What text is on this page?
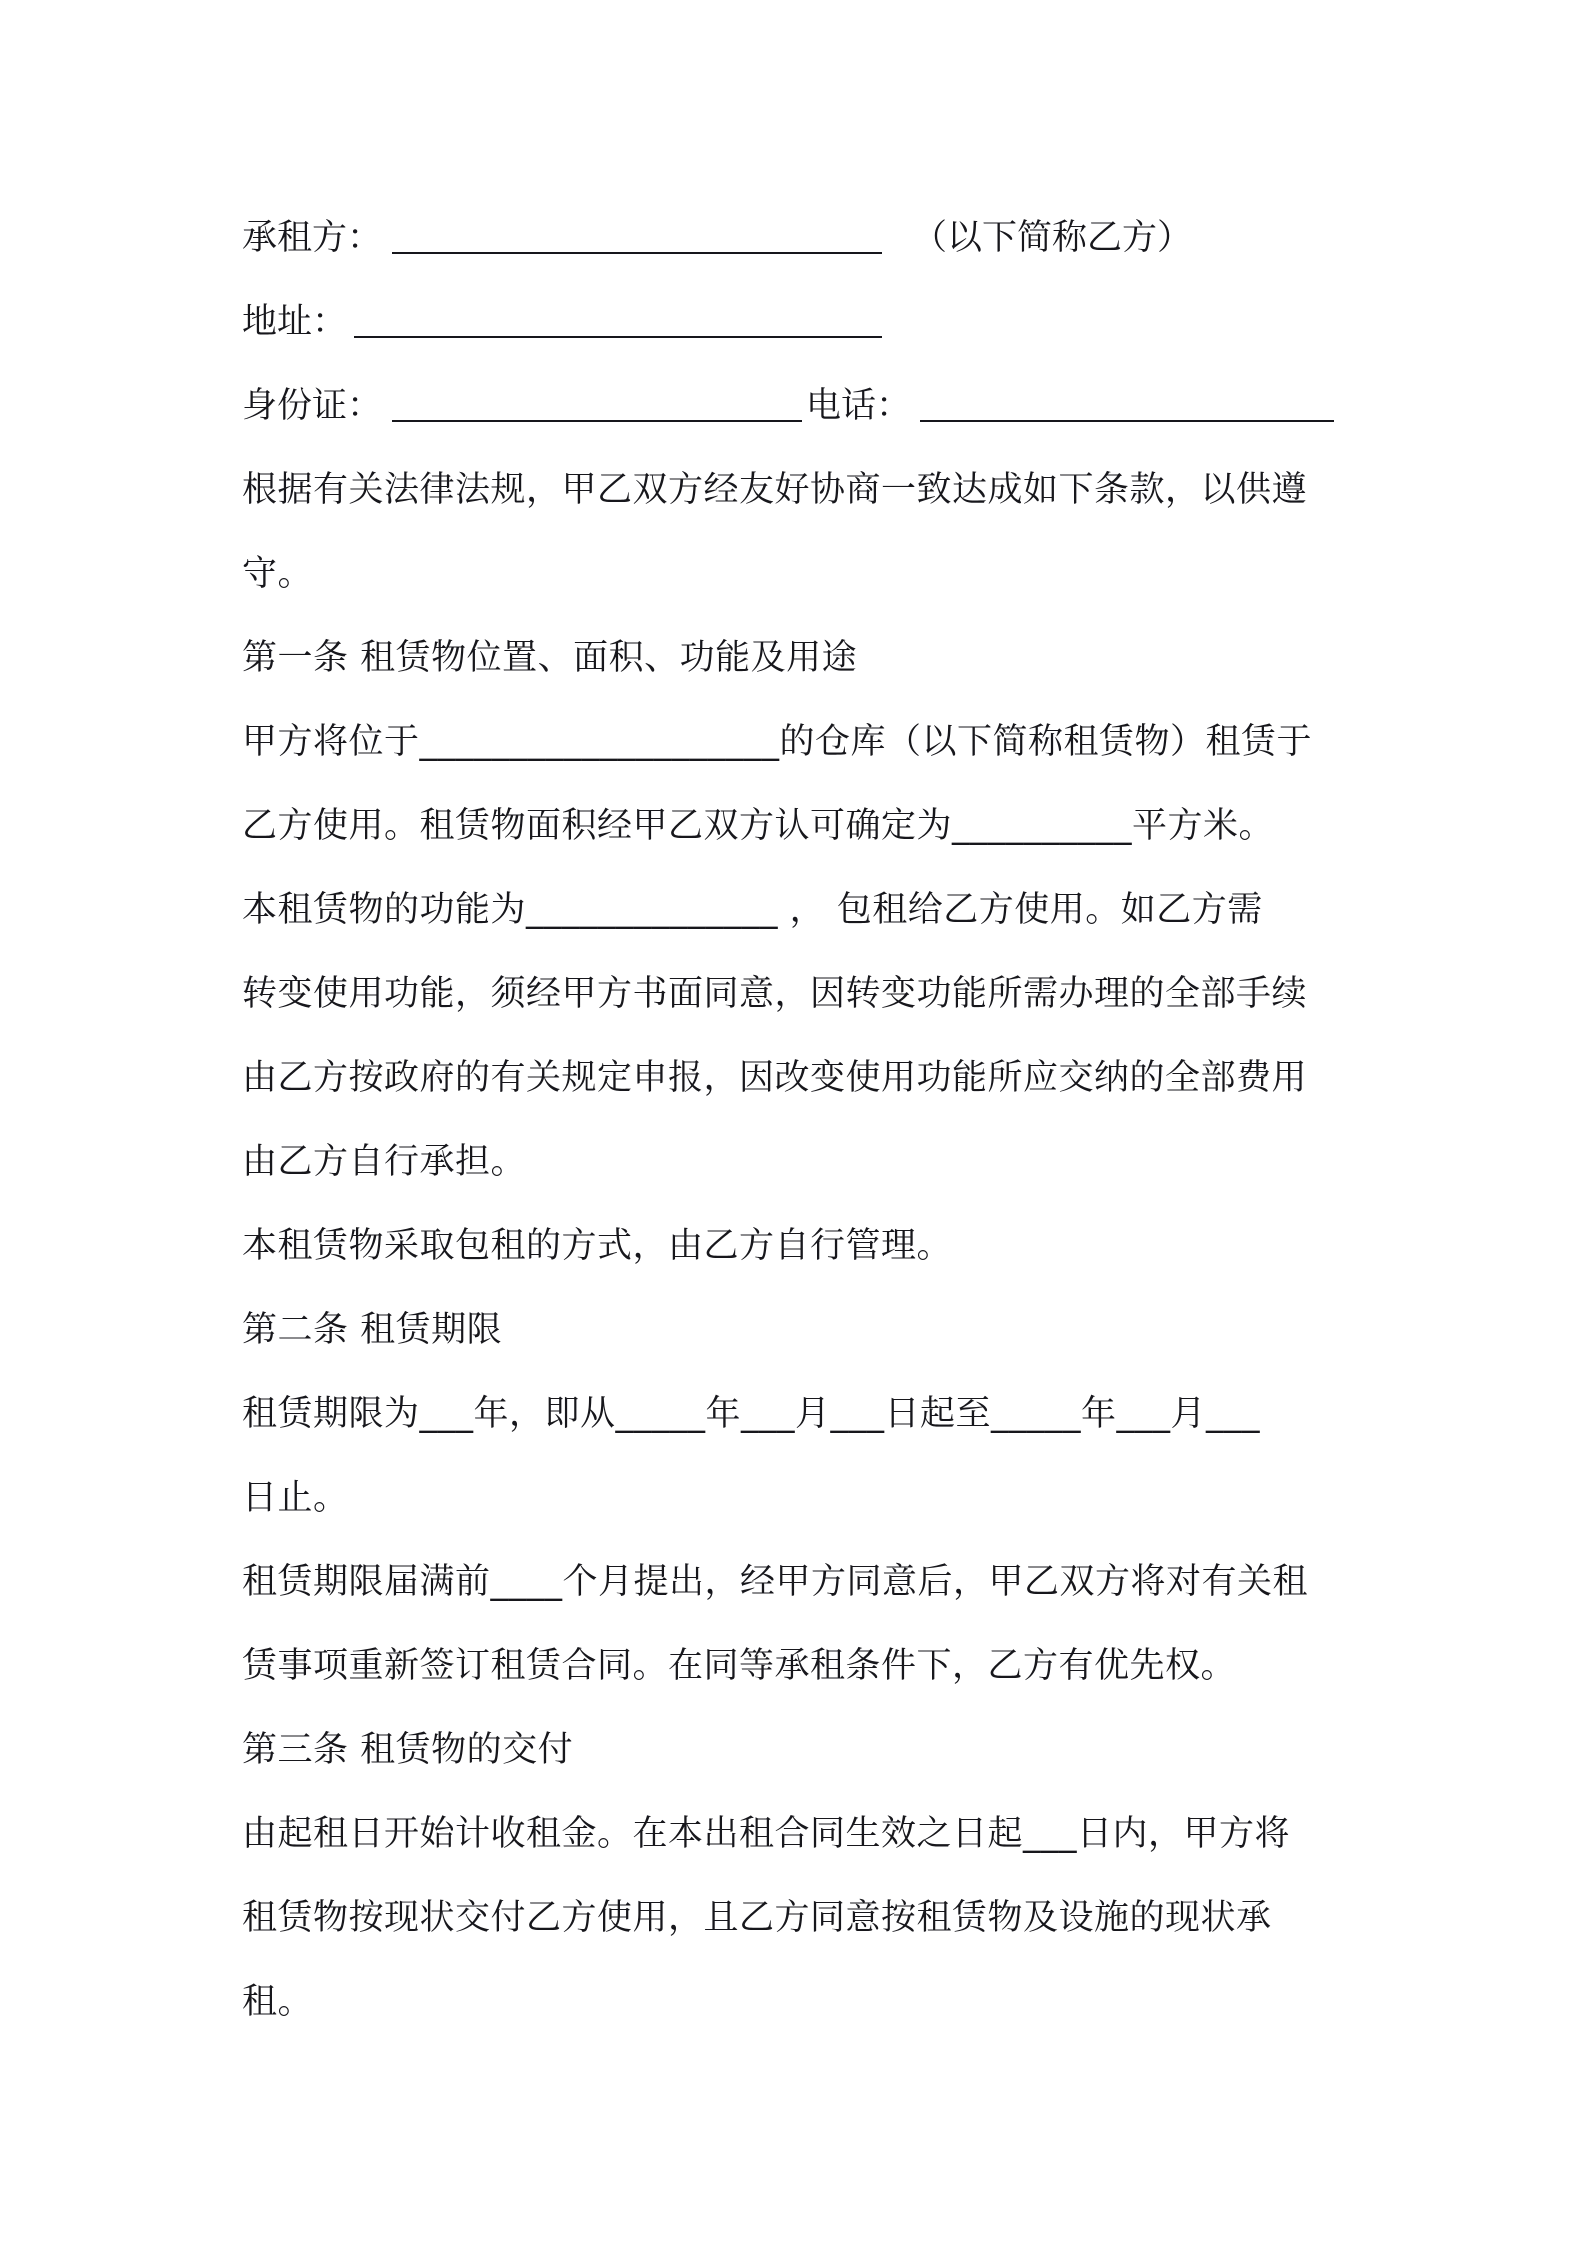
承租方：	（以下简称乙方）
地址：
身份证：	电话：
根据有关法律法规，甲乙双方经友好协商一致达成如下条款，以供遵
守。
第一条 租赁物位置、面积、功能及用途
甲方将位于____________________的仓库（以下简称租赁物）租赁于
乙方使用。租赁物面积经甲乙双方认可确定为__________平方米。
本租赁物的功能为______________ ， 包租给乙方使用。如乙方需
转变使用功能，须经甲方书面同意，因转变功能所需办理的全部手续
由乙方按政府的有关规定申报，因改变使用功能所应交纳的全部费用
由乙方自行承担。
本租赁物采取包租的方式，由乙方自行管理。
第二条 租赁期限
租赁期限为___年，即从_____年___月___日起至_____年___月___
日止。
租赁期限届满前____个月提出，经甲方同意后，甲乙双方将对有关租
赁事项重新签订租赁合同。在同等承租条件下，乙方有优先权。
第三条 租赁物的交付
由起租日开始计收租金。在本出租合同生效之日起___日内，甲方将
租赁物按现状交付乙方使用，且乙方同意按租赁物及设施的现状承
租。
